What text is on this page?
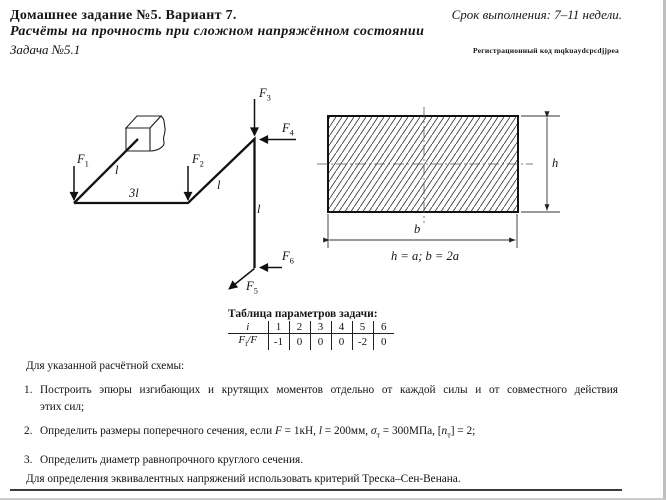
Домашнее задание №5. Вариант 7.	Срок выполнения: 7–11 недели.
Расчёты на прочность при сложном напряжённом состоянии
Задача №5.1	Регистрационный код mqkuaydcpcdjjpea
$F_1$	$F_2$
$F_3$
$F_4$
$F_5$
$F_6$
l
3l
l
l
h
b
h = a; b = 2a
Таблица параметров задачи:
i	1	2	3	4	5	6
$F_i/F$	-1	0	0	0	-2	0
Для указанной расчётной схемы:
1. Построить эпюры изгибающих и крутящих моментов отдельно от каждой силы и от совместного действия
этих сил;
2. Определить размеры поперечного сечения, если F = 1кН, l = 200мм, $\sigma_т = 300МПа$, $[n_т] = 2$;
3. Определить диаметр равнопрочного круглого сечения.
Для определения эквивалентных напряжений использовать критерий Треска–Сен-Венана.
